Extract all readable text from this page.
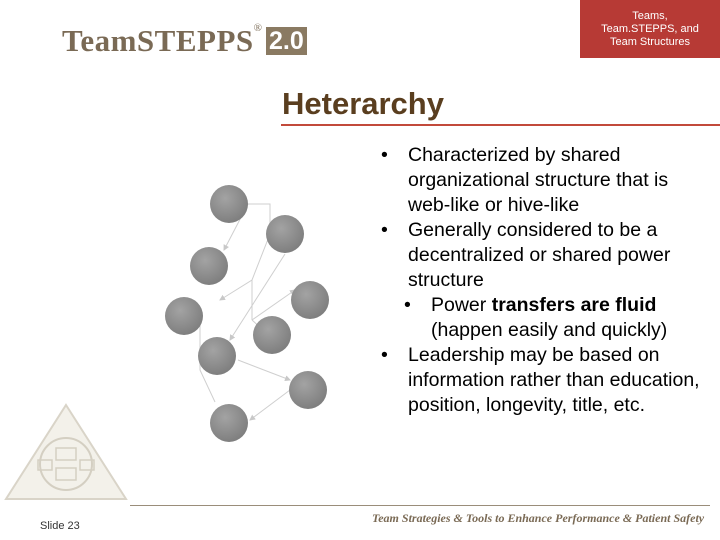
TeamSTEPPS ® 2.0
Teams,
Team.STEPPS, and
Team Structures
Heterarchy
• Characterized by shared organizational structure that is web-like or hive-like
• Generally considered to be a decentralized or shared power structure
• Power transfers are fluid (happen easily and quickly)
• Leadership may be based on information rather than education, position, longevity, title, etc.
Team Strategies & Tools to Enhance Performance & Patient Safety
Slide 23
